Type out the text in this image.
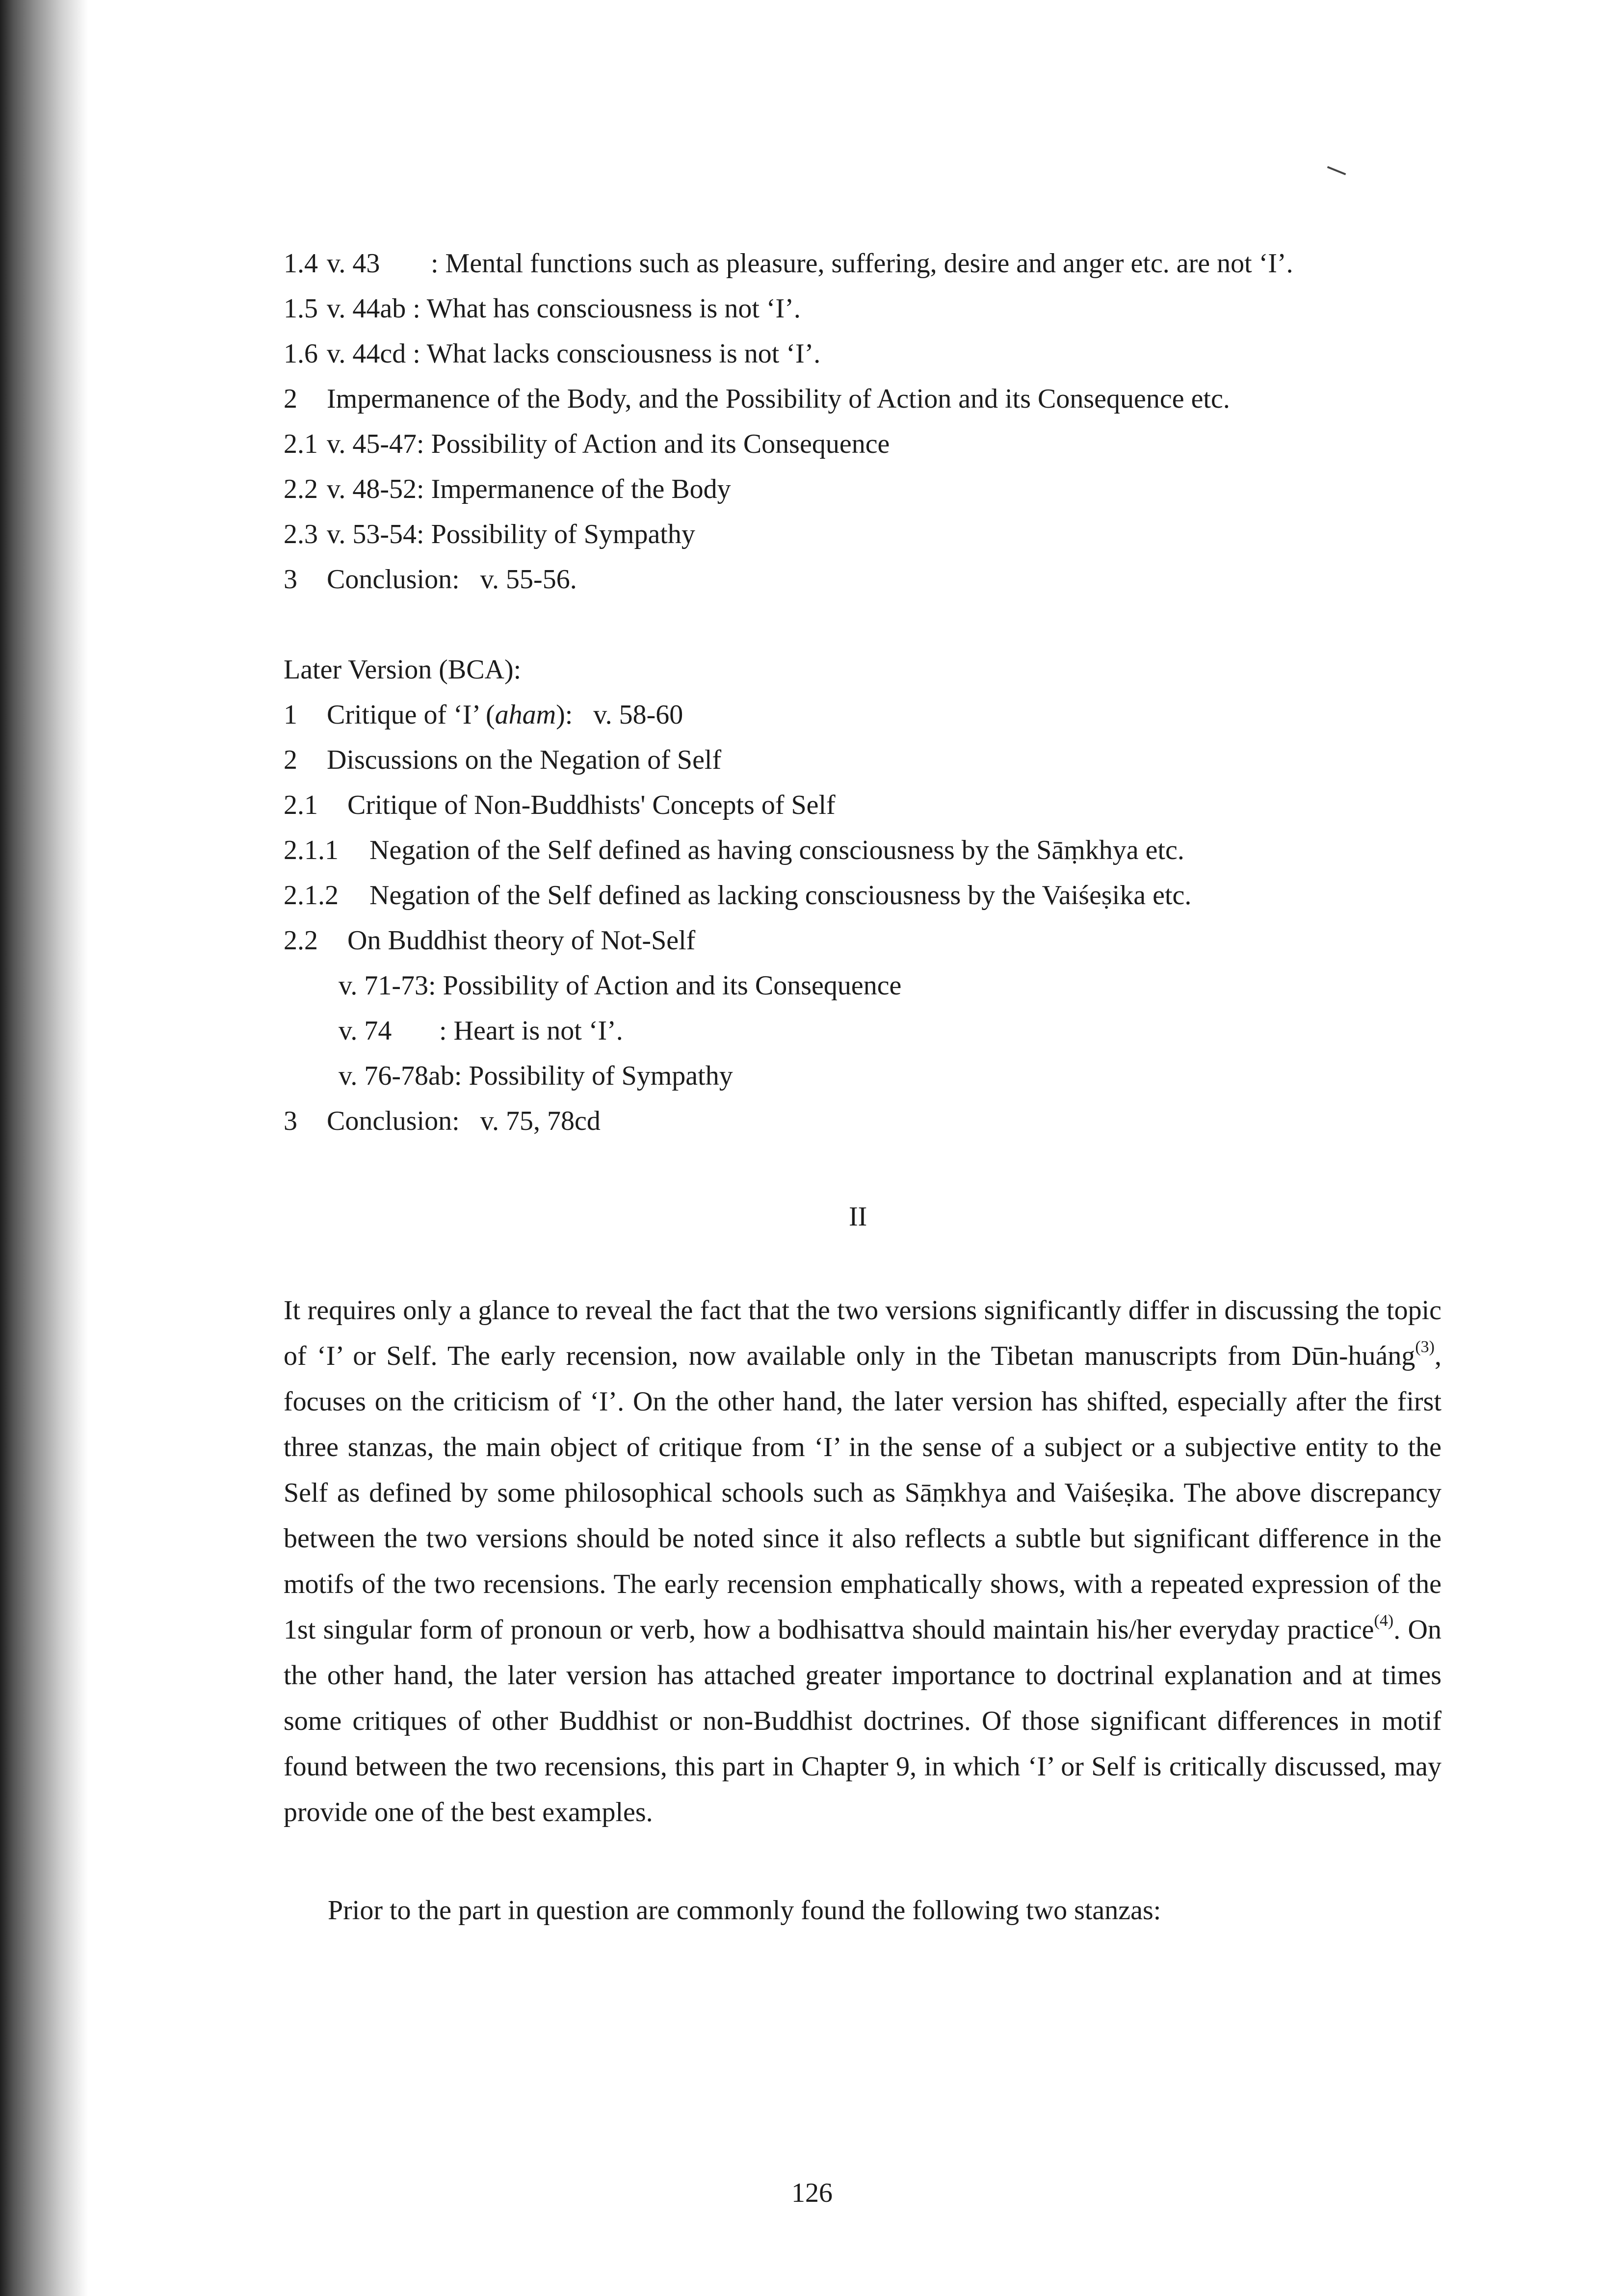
1.4 v. 43 : Mental functions such as pleasure, suffering, desire and anger etc. are not ‘I’.
1.5 v. 44ab : What has consciousness is not ‘I’.
1.6 v. 44cd : What lacks consciousness is not ‘I’.
2 Impermanence of the Body, and the Possibility of Action and its Consequence etc.
2.1 v. 45-47: Possibility of Action and its Consequence
2.2 v. 48-52: Impermanence of the Body
2.3 v. 53-54: Possibility of Sympathy
3 Conclusion:   v. 55-56.
Later Version (BCA):
1 Critique of ‘I’ (aham):   v. 58-60
2 Discussions on the Negation of Self
2.1 Critique of Non-Buddhists' Concepts of Self
2.1.1 Negation of the Self defined as having consciousness by the Sāṃkhya etc.
2.1.2 Negation of the Self defined as lacking consciousness by the Vaiśeṣika etc.
2.2 On Buddhist theory of Not-Self
v. 71-73: Possibility of Action and its Consequence
v. 74 : Heart is not ‘I’.
v. 76-78ab: Possibility of Sympathy
3 Conclusion:   v. 75, 78cd
II
It requires only a glance to reveal the fact that the two versions significantly differ in discussing the topic of ‘I’ or Self. The early recension, now available only in the Tibetan manuscripts from Dūn-huáng$^{(3)}$, focuses on the criticism of ‘I’. On the other hand, the later version has shifted, especially after the first three stanzas, the main object of critique from ‘I’ in the sense of a subject or a subjective entity to the Self as defined by some philosophical schools such as Sāṃkhya and Vaiśeṣika. The above discrepancy between the two versions should be noted since it also reflects a subtle but significant difference in the motifs of the two recensions. The early recension emphatically shows, with a repeated expression of the 1st singular form of pronoun or verb, how a bodhisattva should maintain his/her everyday practice$^{(4)}$. On the other hand, the later version has attached greater importance to doctrinal explanation and at times some critiques of other Buddhist or non-Buddhist doctrines. Of those significant differences in motif found between the two recensions, this part in Chapter 9, in which ‘I’ or Self is critically discussed, may provide one of the best examples.
Prior to the part in question are commonly found the following two stanzas:
126
